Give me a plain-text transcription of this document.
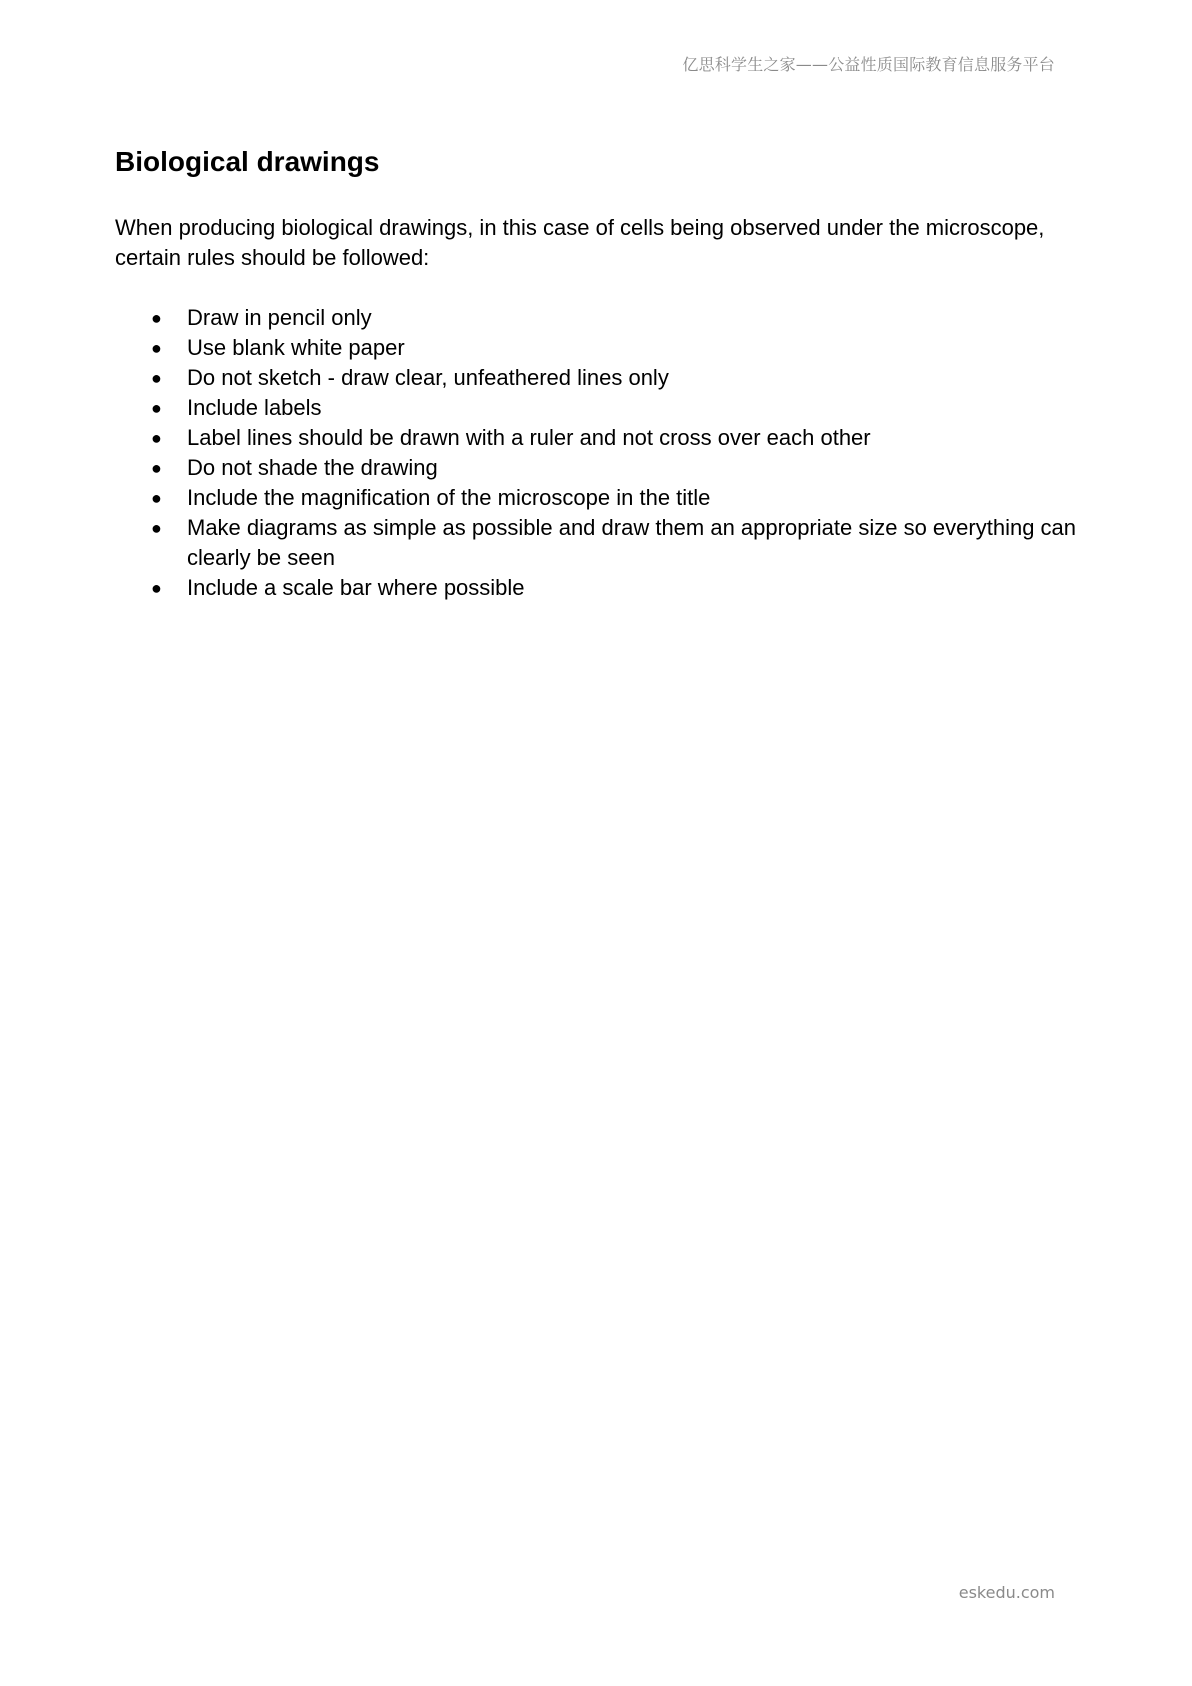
亿思科学生之家——公益性质国际教育信息服务平台
Biological drawings

When producing biological drawings, in this case of cells being observed under the microscope, certain rules should be followed:

● Draw in pencil only
● Use blank white paper
● Do not sketch - draw clear, unfeathered lines only
● Include labels
● Label lines should be drawn with a ruler and not cross over each other
● Do not shade the drawing
● Include the magnification of the microscope in the title
● Make diagrams as simple as possible and draw them an appropriate size so everything can clearly be seen
● Include a scale bar where possible
eskedu.com
